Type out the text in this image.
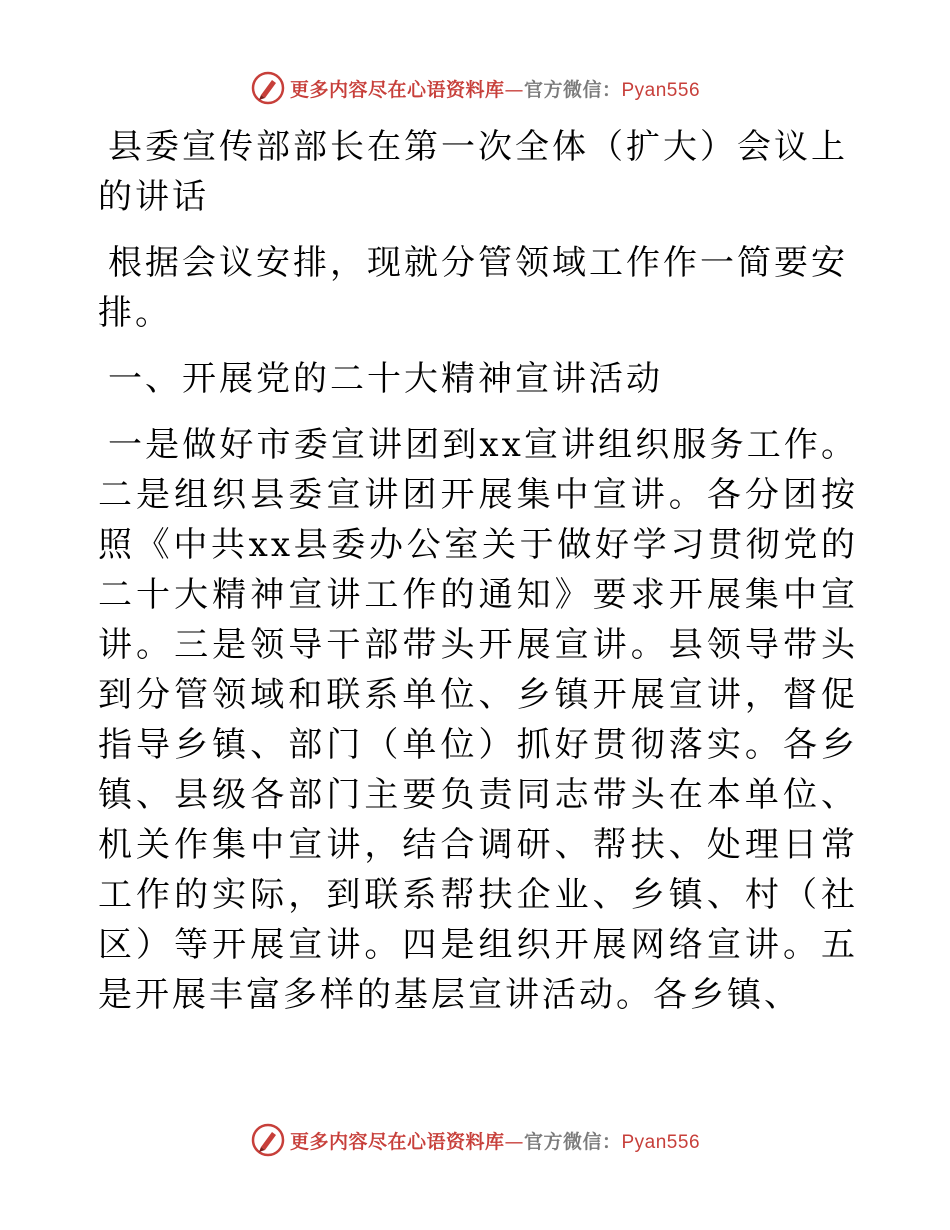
更多内容尽在心语资料库—官方微信：Pyan556

县委宣传部部长在第一次全体（扩大）会议上的讲话

根据会议安排，现就分管领域工作作一简要安排。

一、开展党的二十大精神宣讲活动

一是做好市委宣讲团到xx宣讲组织服务工作。二是组织县委宣讲团开展集中宣讲。各分团按照《中共xx县委办公室关于做好学习贯彻党的二十大精神宣讲工作的通知》要求开展集中宣讲。三是领导干部带头开展宣讲。县领导带头到分管领域和联系单位、乡镇开展宣讲，督促指导乡镇、部门（单位）抓好贯彻落实。各乡镇、县级各部门主要负责同志带头在本单位、机关作集中宣讲，结合调研、帮扶、处理日常工作的实际，到联系帮扶企业、乡镇、村（社区）等开展宣讲。四是组织开展网络宣讲。五是开展丰富多样的基层宣讲活动。各乡镇、

更多内容尽在心语资料库—官方微信：Pyan556
